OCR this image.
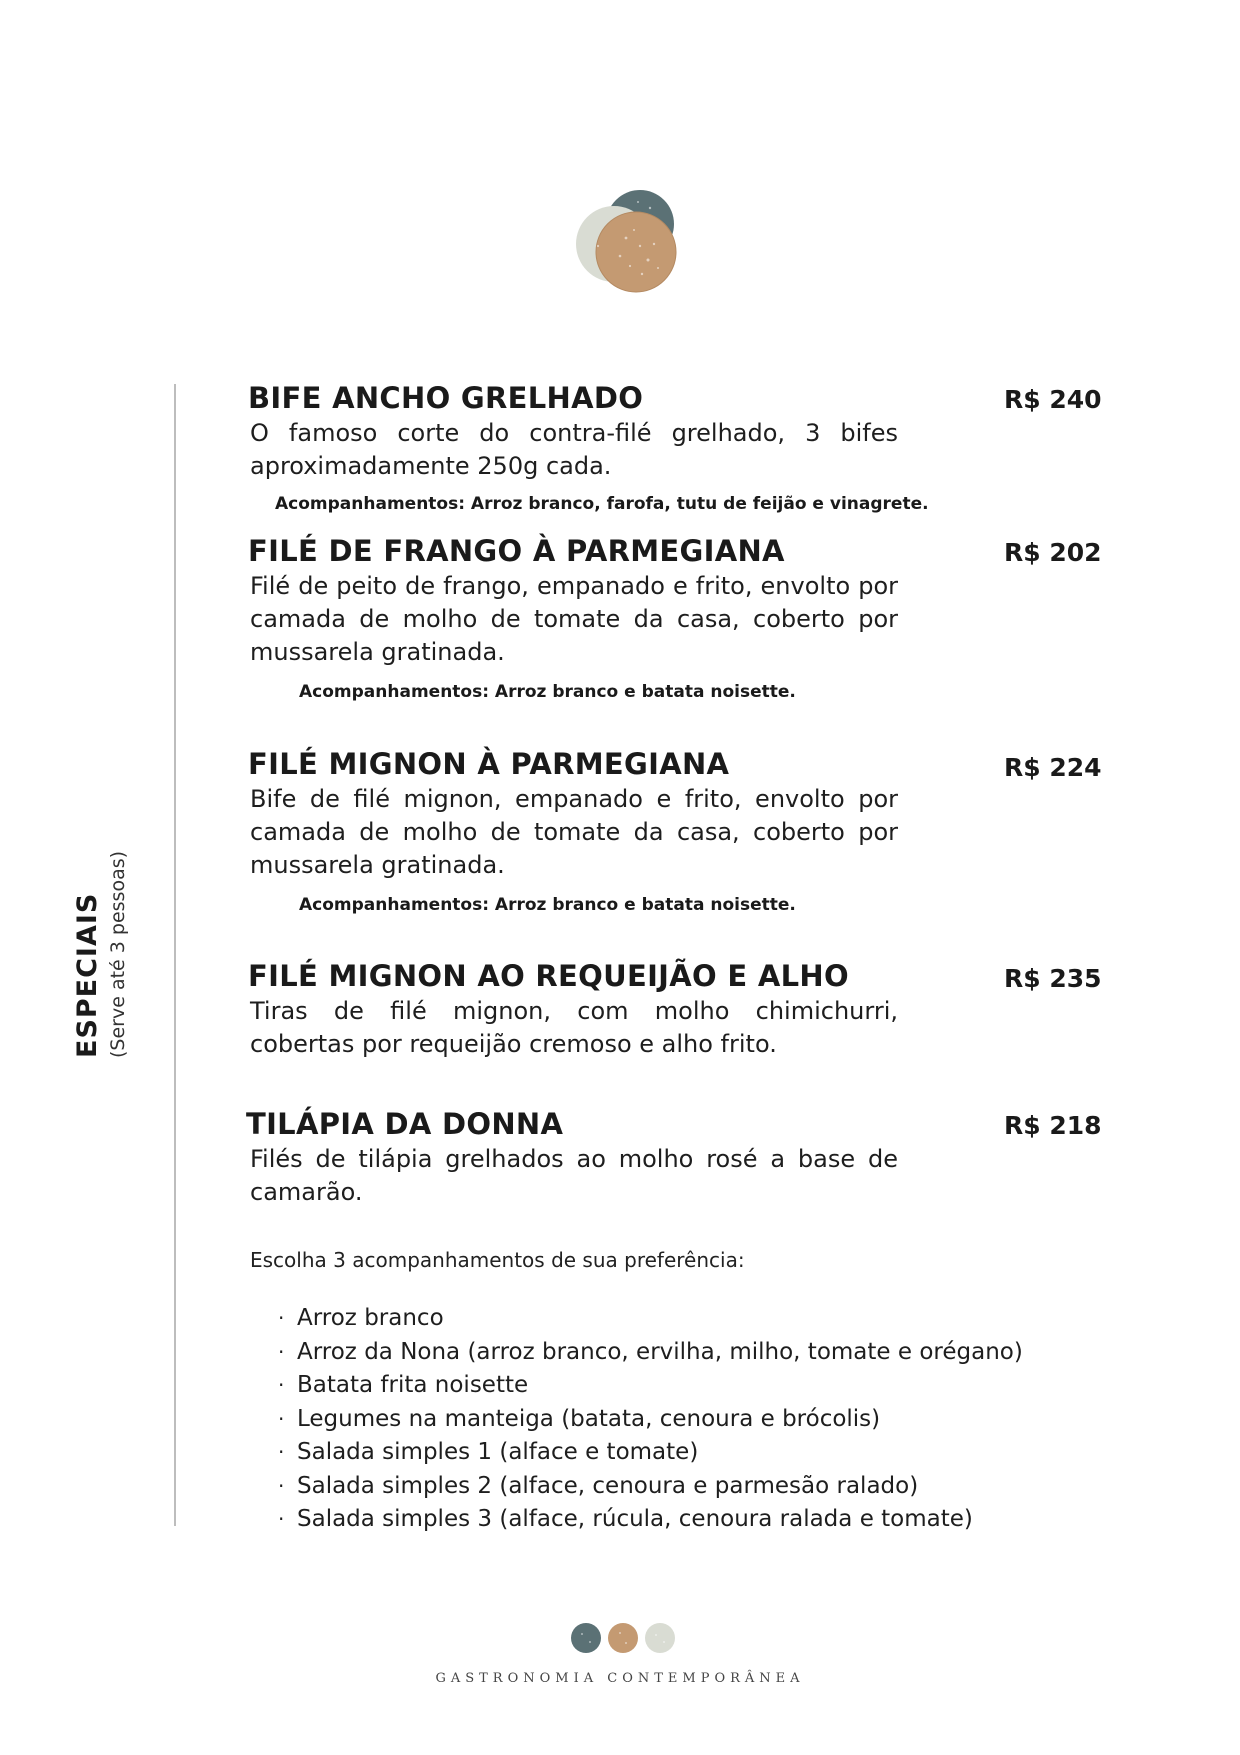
ESPECIAIS (Serve até 3 pessoas)
BIFE ANCHO GRELHADO	R$ 240
O famoso corte do contra-filé grelhado, 3 bifes aproximadamente 250g cada.
Acompanhamentos: Arroz branco, farofa, tutu de feijão e vinagrete.
FILÉ DE FRANGO À PARMEGIANA	R$ 202
Filé de peito de frango, empanado e frito, envolto por camada de molho de tomate da casa, coberto por mussarela gratinada.
Acompanhamentos: Arroz branco e batata noisette.
FILÉ MIGNON À PARMEGIANA	R$ 224
Bife de filé mignon, empanado e frito, envolto por camada de molho de tomate da casa, coberto por mussarela gratinada.
Acompanhamentos: Arroz branco e batata noisette.
FILÉ MIGNON AO REQUEIJÃO E ALHO	R$ 235
Tiras de filé mignon, com molho chimichurri, cobertas por requeijão cremoso e alho frito.
TILÁPIA DA DONNA	R$ 218
Filés de tilápia grelhados ao molho rosé a base de camarão.
Escolha 3 acompanhamentos de sua preferência:
· Arroz branco
· Arroz da Nona (arroz branco, ervilha, milho, tomate e orégano)
· Batata frita noisette
· Legumes na manteiga (batata, cenoura e brócolis)
· Salada simples 1 (alface e tomate)
· Salada simples 2 (alface, cenoura e parmesão ralado)
· Salada simples 3 (alface, rúcula, cenoura ralada e tomate)
GASTRONOMIA CONTEMPORÂNEA
